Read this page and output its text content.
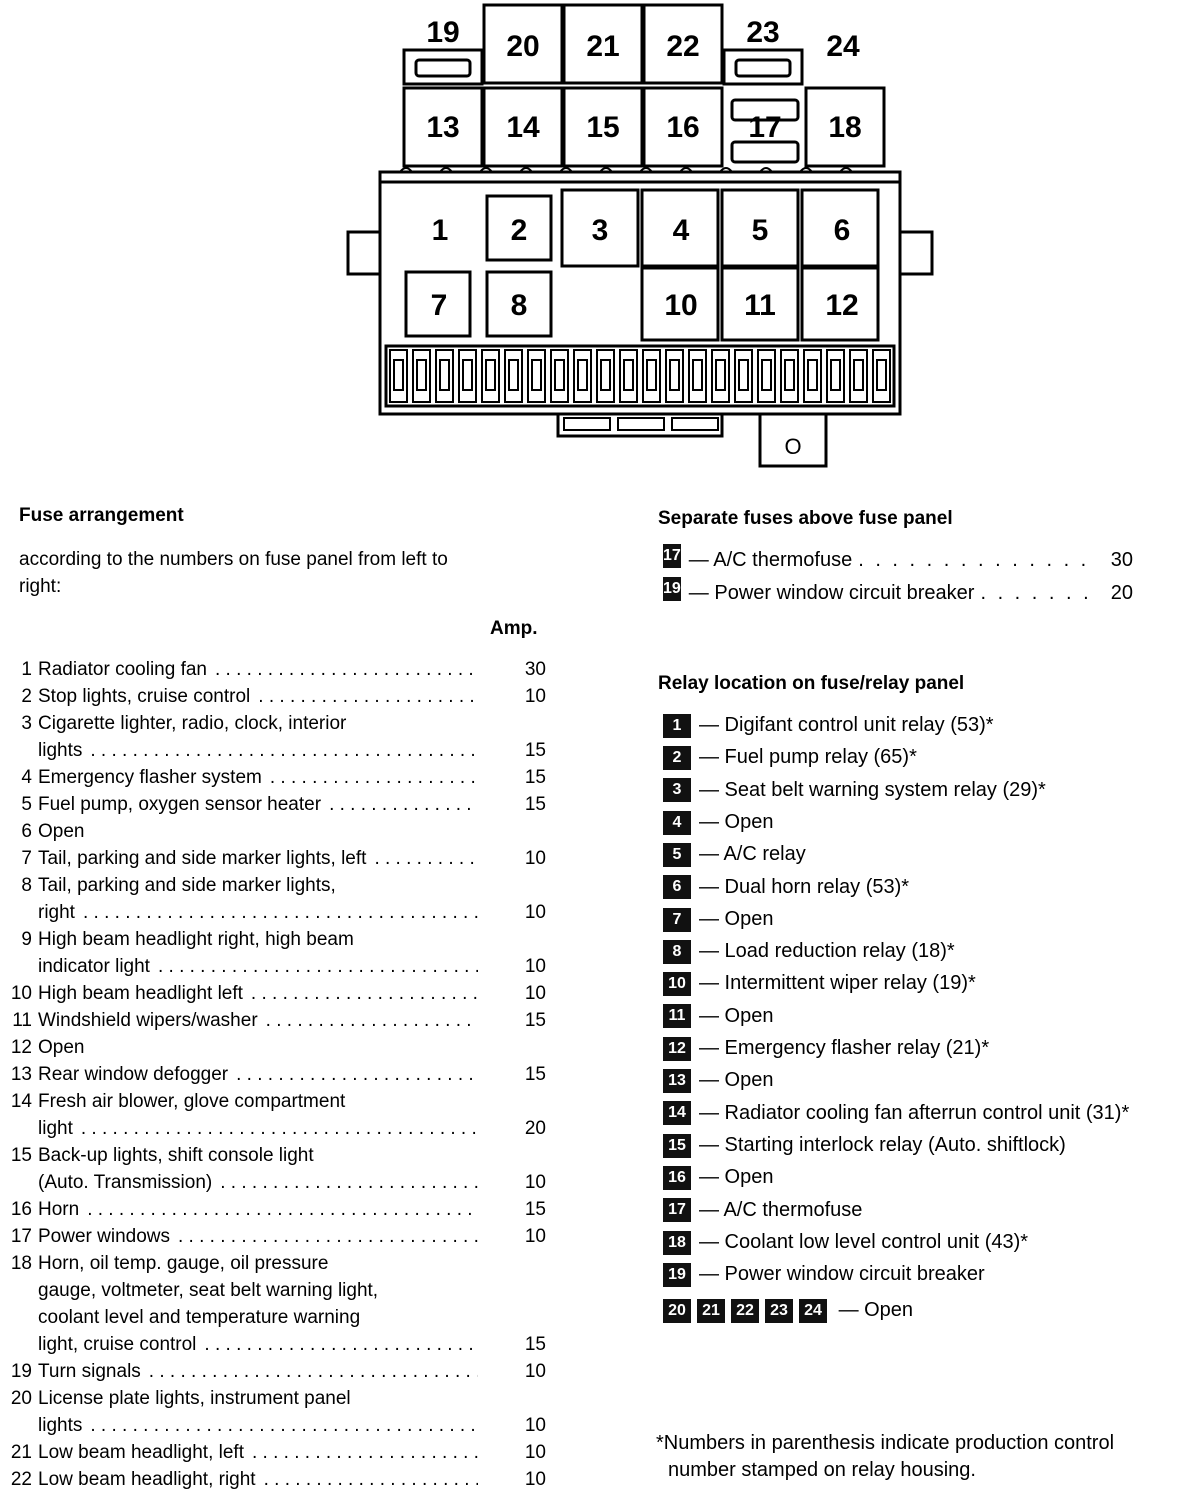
19 20 21 22 23 24
13 14 15 16 17 18
1 2 3 4 5 6
7 8	10 11 12
O
Fuse arrangement
according to the numbers on fuse panel from left to
right:
Amp.
1 Radiator cooling fan . . .	30
2 Stop lights, cruise control . . .	10
3 Cigarette lighter, radio, clock, interior
lights . . .	15
4 Emergency flasher system . . .	15
5 Fuel pump, oxygen sensor heater . . .	15
6 Open
7 Tail, parking and side marker lights, left . . .	10
8 Tail, parking and side marker lights,
right . . .	10
9 High beam headlight right, high beam
indicator light . . .	10
10 High beam headlight left . . .	10
11 Windshield wipers/washer . . .	15
12 Open
13 Rear window defogger . . .	15
14 Fresh air blower, glove compartment
light . . .	20
15 Back-up lights, shift console light
(Auto. Transmission) . . .	10
16 Horn . . .	15
17 Power windows . . .	10
18 Horn, oil temp. gauge, oil pressure
gauge, voltmeter, seat belt warning light,
coolant level and temperature warning
light, cruise control . . .	15
19 Turn signals . . .	10
20 License plate lights, instrument panel
lights . . .	10
21 Low beam headlight, left . . .	10
22 Low beam headlight, right . . .	10
Separate fuses above fuse panel
17 — A/C thermofuse . . .	30
19 — Power window circuit breaker . . .	20
Relay location on fuse/relay panel
1 — Digifant control unit relay (53)*
2 — Fuel pump relay (65)*
3 — Seat belt warning system relay (29)*
4 — Open
5 — A/C relay
6 — Dual horn relay (53)*
7 — Open
8 — Load reduction relay (18)*
10 — Intermittent wiper relay (19)*
11 — Open
12 — Emergency flasher relay (21)*
13 — Open
14 — Radiator cooling fan afterrun control unit (31)*
15 — Starting interlock relay (Auto. shiftlock)
16 — Open
17 — A/C thermofuse
18 — Coolant low level control unit (43)*
19 — Power window circuit breaker
20 21 22 23 24 — Open
*Numbers in parenthesis indicate production control
number stamped on relay housing.
